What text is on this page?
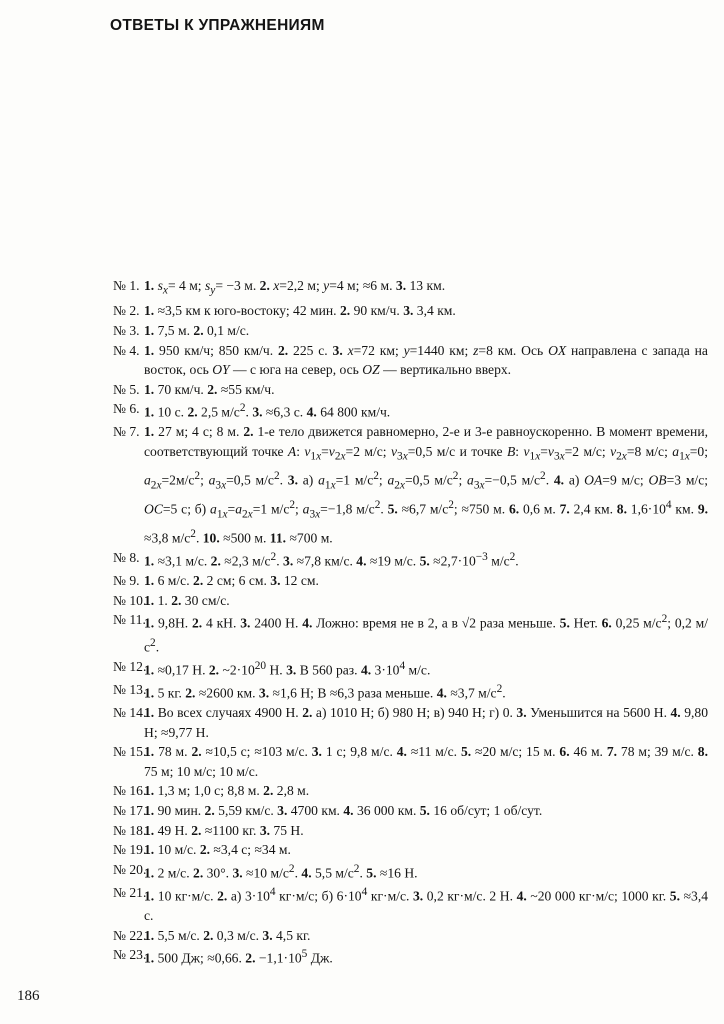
ОТВЕТЫ К УПРАЖНЕНИЯМ
№ 1. 1. $s_x= 4$ м; $s_y= -3$ м. 2. x=2,2 м; y=4 м; ≈6 м. 3. 13 км.
№ 2. 1. ≈3,5 км к юго-востоку; 42 мин. 2. 90 км/ч. 3. 3,4 км.
№ 3. 1. 7,5 м. 2. 0,1 м/с.
№ 4. 1. 950 км/ч; 850 км/ч. 2. 225 с. 3. x=72 км; y=1440 км; z=8 км. Ось OX направлена с запада на восток, ось OY — с юга на север, ось OZ — вертикально вверх.
№ 5. 1. 70 км/ч. 2. ≈55 км/ч.
№ 6. 1. 10 с. 2. 2,5 $м/с^2$. 3. ≈6,3 с. 4. 64 800 км/ч.
№ 7. 1. 27 м; 4 с; 8 м. 2. 1-е тело движется равномерно, 2-е и 3-е равноускоренно. В момент времени, соответствующий точке A: $v_{1x}=v_{2x}=2$ м/с; $v_{3x}=0,5$ м/с и точке B: $v_{1x}=v_{3x}=2$ м/с; $v_{2x}=8$ м/с; $a_{1x}=0$; $a_{2x}=2м/с^2$; $a_{3x}=0,5$ $м/с^2$. 3. а) $a_{1x}=1$ $м/с^2$; $a_{2x}=0,5$ $м/с^2$; $a_{3x}=-0,5$ $м/с^2$. 4. а) OA=9 м/с; OB=3 м/с; OC=5 с; б) $a_{1x}=a_{2x}=1$ $м/с^2$; $a_{3x}=-1,8$ $м/с^2$. 5. ≈6,7 $м/с^2$; ≈750 м. 6. 0,6 м. 7. 2,4 км. 8. $1,6\cdot 10^4$ км. 9. ≈3,8 $м/с^2$. 10. ≈500 м. 11. ≈700 м.
№ 8. 1. ≈3,1 м/с. 2. ≈2,3 $м/с^2$. 3. ≈7,8 км/с. 4. ≈19 м/с. 5. $\approx 2,7\cdot 10^{-3}$ $м/с^2$.
№ 9. 1. 6 м/с. 2. 2 см; 6 см. 3. 12 см.
№ 10.
1. 1. 2. 30 см/с.
№ 11.
1. 9,8Н. 2. 4 кН. 3. 2400 Н. 4. Ложно: время не в 2, а в √2 раза меньше. 5. Нет. 6. 0,25 $м/с^2$; 0,2 $м/с^2$.
№ 12.
1. ≈0,17 Н. 2. $\sim 2\cdot 10^{20}$ Н. 3. В 560 раз. 4. $3\cdot 10^4$ м/с.
№ 13.
1. 5 кг. 2. ≈2600 км. 3. ≈1,6 Н; В ≈6,3 раза меньше. 4. ≈3,7 $м/с^2$.
№ 14.
1. Во всех случаях 4900 Н. 2. а) 1010 Н; б) 980 Н; в) 940 Н; г) 0. 3. Уменьшится на 5600 Н. 4. 9,80 Н; ≈9,77 Н.
№ 15.
1. 78 м. 2. ≈10,5 с; ≈103 м/с. 3. 1 с; 9,8 м/с. 4. ≈11 м/с. 5. ≈20 м/с; 15 м. 6. 46 м. 7. 78 м; 39 м/с. 8. 75 м; 10 м/с; 10 м/с.
№ 16.
1. 1,3 м; 1,0 с; 8,8 м. 2. 2,8 м.
№ 17.
1. 90 мин. 2. 5,59 км/с. 3. 4700 км. 4. 36 000 км. 5. 16 об/сут; 1 об/сут.
№ 18.
1. 49 Н. 2. ≈1100 кг. 3. 75 Н.
№ 19.
1. 10 м/с. 2. ≈3,4 с; ≈34 м.
№ 20.
1. 2 м/с. 2. 30°. 3. ≈10 $м/с^2$. 4. 5,5 $м/с^2$. 5. ≈16 Н.
№ 21.
1. 10 кг·м/с. 2. а) $3\cdot 10^4$ кг·м/с; б) $6\cdot 10^4$ кг·м/с. 3. 0,2 кг·м/с. 2 Н. 4. ~20 000 кг·м/с; 1000 кг. 5. ≈3,4 с.
№ 22.
1. 5,5 м/с. 2. 0,3 м/с. 3. 4,5 кг.
№ 23.
1. 500 Дж; ≈0,66. 2. $-1,1\cdot 10^5$ Дж.
186
